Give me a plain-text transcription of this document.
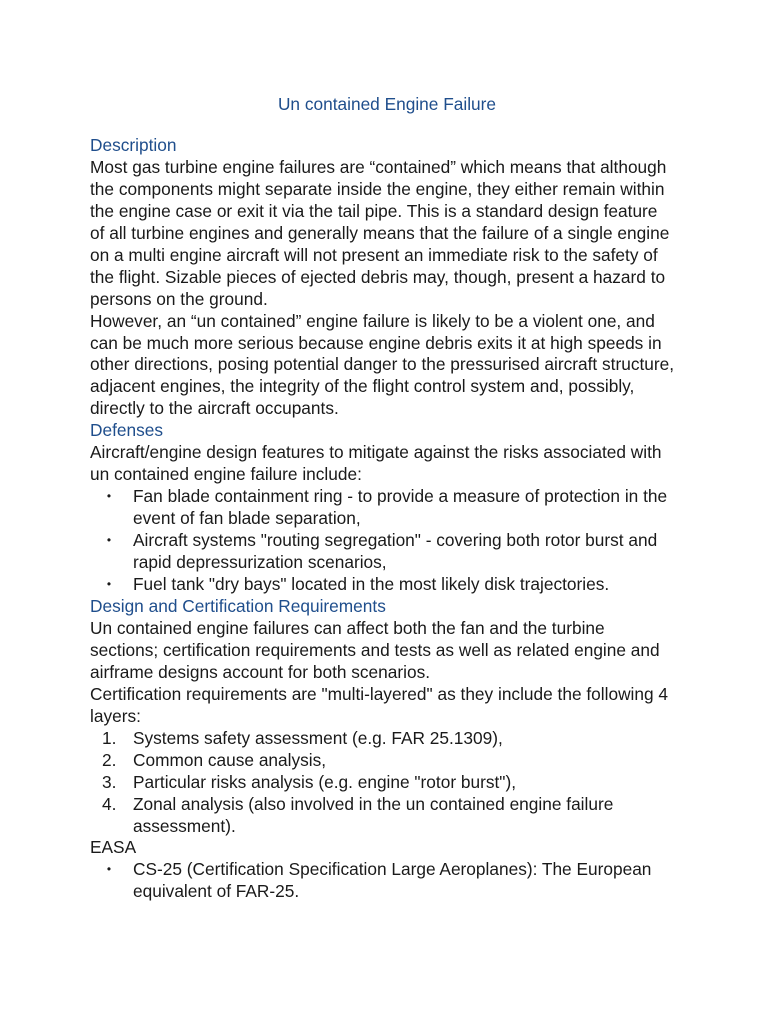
Un contained Engine Failure
Description

Most gas turbine engine failures are “contained” which means that although the components might separate inside the engine, they either remain within the engine case or exit it via the tail pipe. This is a standard design feature of all turbine engines and generally means that the failure of a single engine on a multi engine aircraft will not present an immediate risk to the safety of the flight. Sizable pieces of ejected debris may, though, present a hazard to persons on the ground.

However, an “un contained” engine failure is likely to be a violent one, and can be much more serious because engine debris exits it at high speeds in other directions, posing potential danger to the pressurised aircraft structure, adjacent engines, the integrity of the flight control system and, possibly, directly to the aircraft occupants.

Defenses

Aircraft/engine design features to mitigate against the risks associated with un contained engine failure include:

• Fan blade containment ring - to provide a measure of protection in the event of fan blade separation,
• Aircraft systems "routing segregation" - covering both rotor burst and rapid depressurization scenarios,
• Fuel tank "dry bays" located in the most likely disk trajectories.
Design and Certification Requirements

Un contained engine failures can affect both the fan and the turbine sections; certification requirements and tests as well as related engine and airframe designs account for both scenarios.

Certification requirements are "multi-layered" as they include the following 4 layers:

1. Systems safety assessment (e.g. FAR 25.1309),
2. Common cause analysis,
3. Particular risks analysis (e.g. engine "rotor burst"),
4. Zonal analysis (also involved in the un contained engine failure assessment).

EASA

• CS-25 (Certification Specification Large Aeroplanes): The European equivalent of FAR-25.
